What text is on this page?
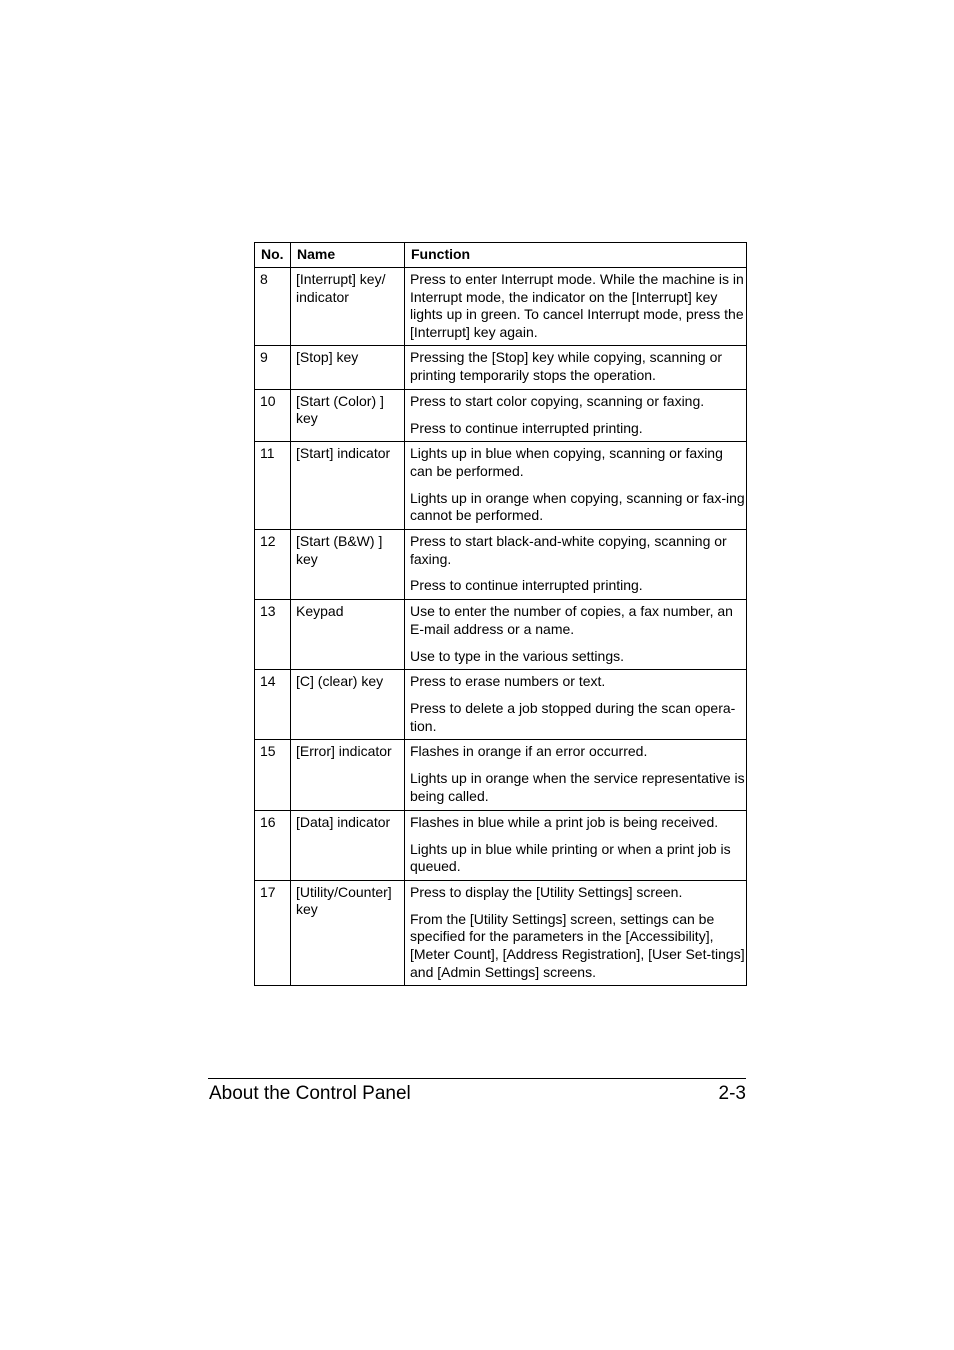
No.	Name	Function
8	[Interrupt] key/ indicator	Press to enter Interrupt mode. While the machine is in Interrupt mode, the indicator on the [Interrupt] key lights up in green. To cancel Interrupt mode, press the [Interrupt] key again.

9	[Stop] key	Pressing the [Stop] key while copying, scanning or printing temporarily stops the operation.

10	[Start (Color) ] key	Press to start color copying, scanning or faxing.

Press to continue interrupted printing.

11	[Start] indicator	Lights up in blue when copying, scanning or faxing can be performed.

Lights up in orange when copying, scanning or fax-ing cannot be performed.

12	[Start (B&W) ] key	Press to start black-and-white copying, scanning or faxing.

Press to continue interrupted printing.

13	Keypad	Use to enter the number of copies, a fax number, an E-mail address or a name.

Use to type in the various settings.

14	[C] (clear) key	Press to erase numbers or text.

Press to delete a job stopped during the scan opera-tion.

15	[Error] indicator	Flashes in orange if an error occurred.

Lights up in orange when the service representative is being called.

16	[Data] indicator	Flashes in blue while a print job is being received.

Lights up in blue while printing or when a print job is queued.

17	[Utility/Counter] key	Press to display the [Utility Settings] screen.

From the [Utility Settings] screen, settings can be specified for the parameters in the [Accessibility], [Meter Count], [Address Registration], [User Set-tings] and [Admin Settings] screens.

About the Control Panel	2-3
